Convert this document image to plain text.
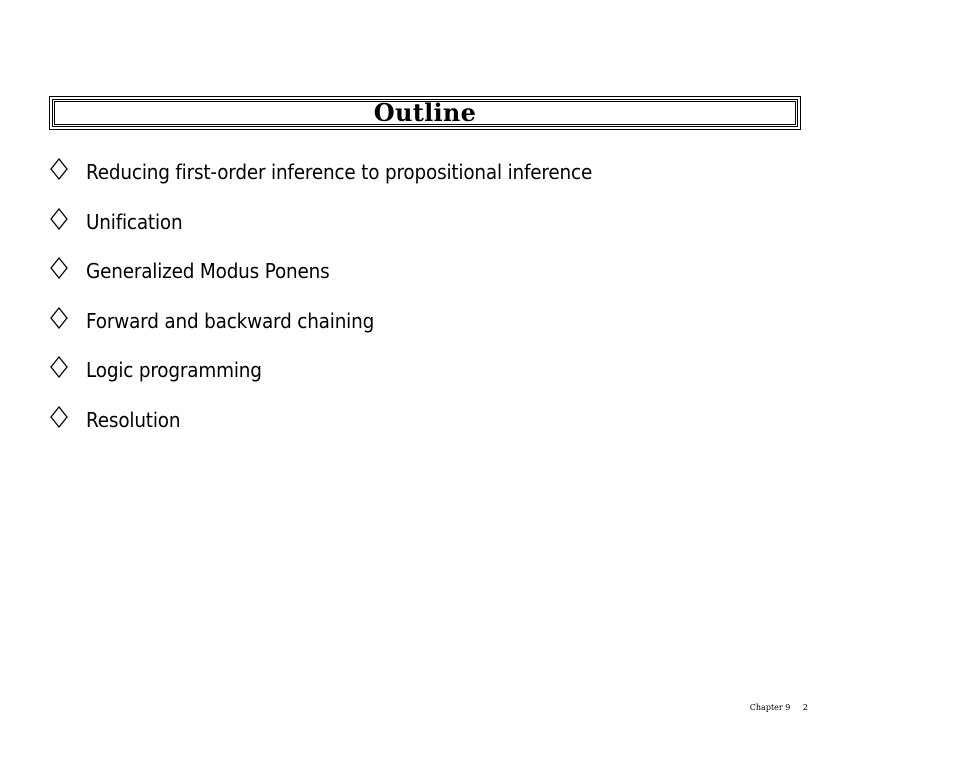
Outline
Reducing first-order inference to propositional inference
Unification
Generalized Modus Ponens
Forward and backward chaining
Logic programming
Resolution
Chapter 9 2
